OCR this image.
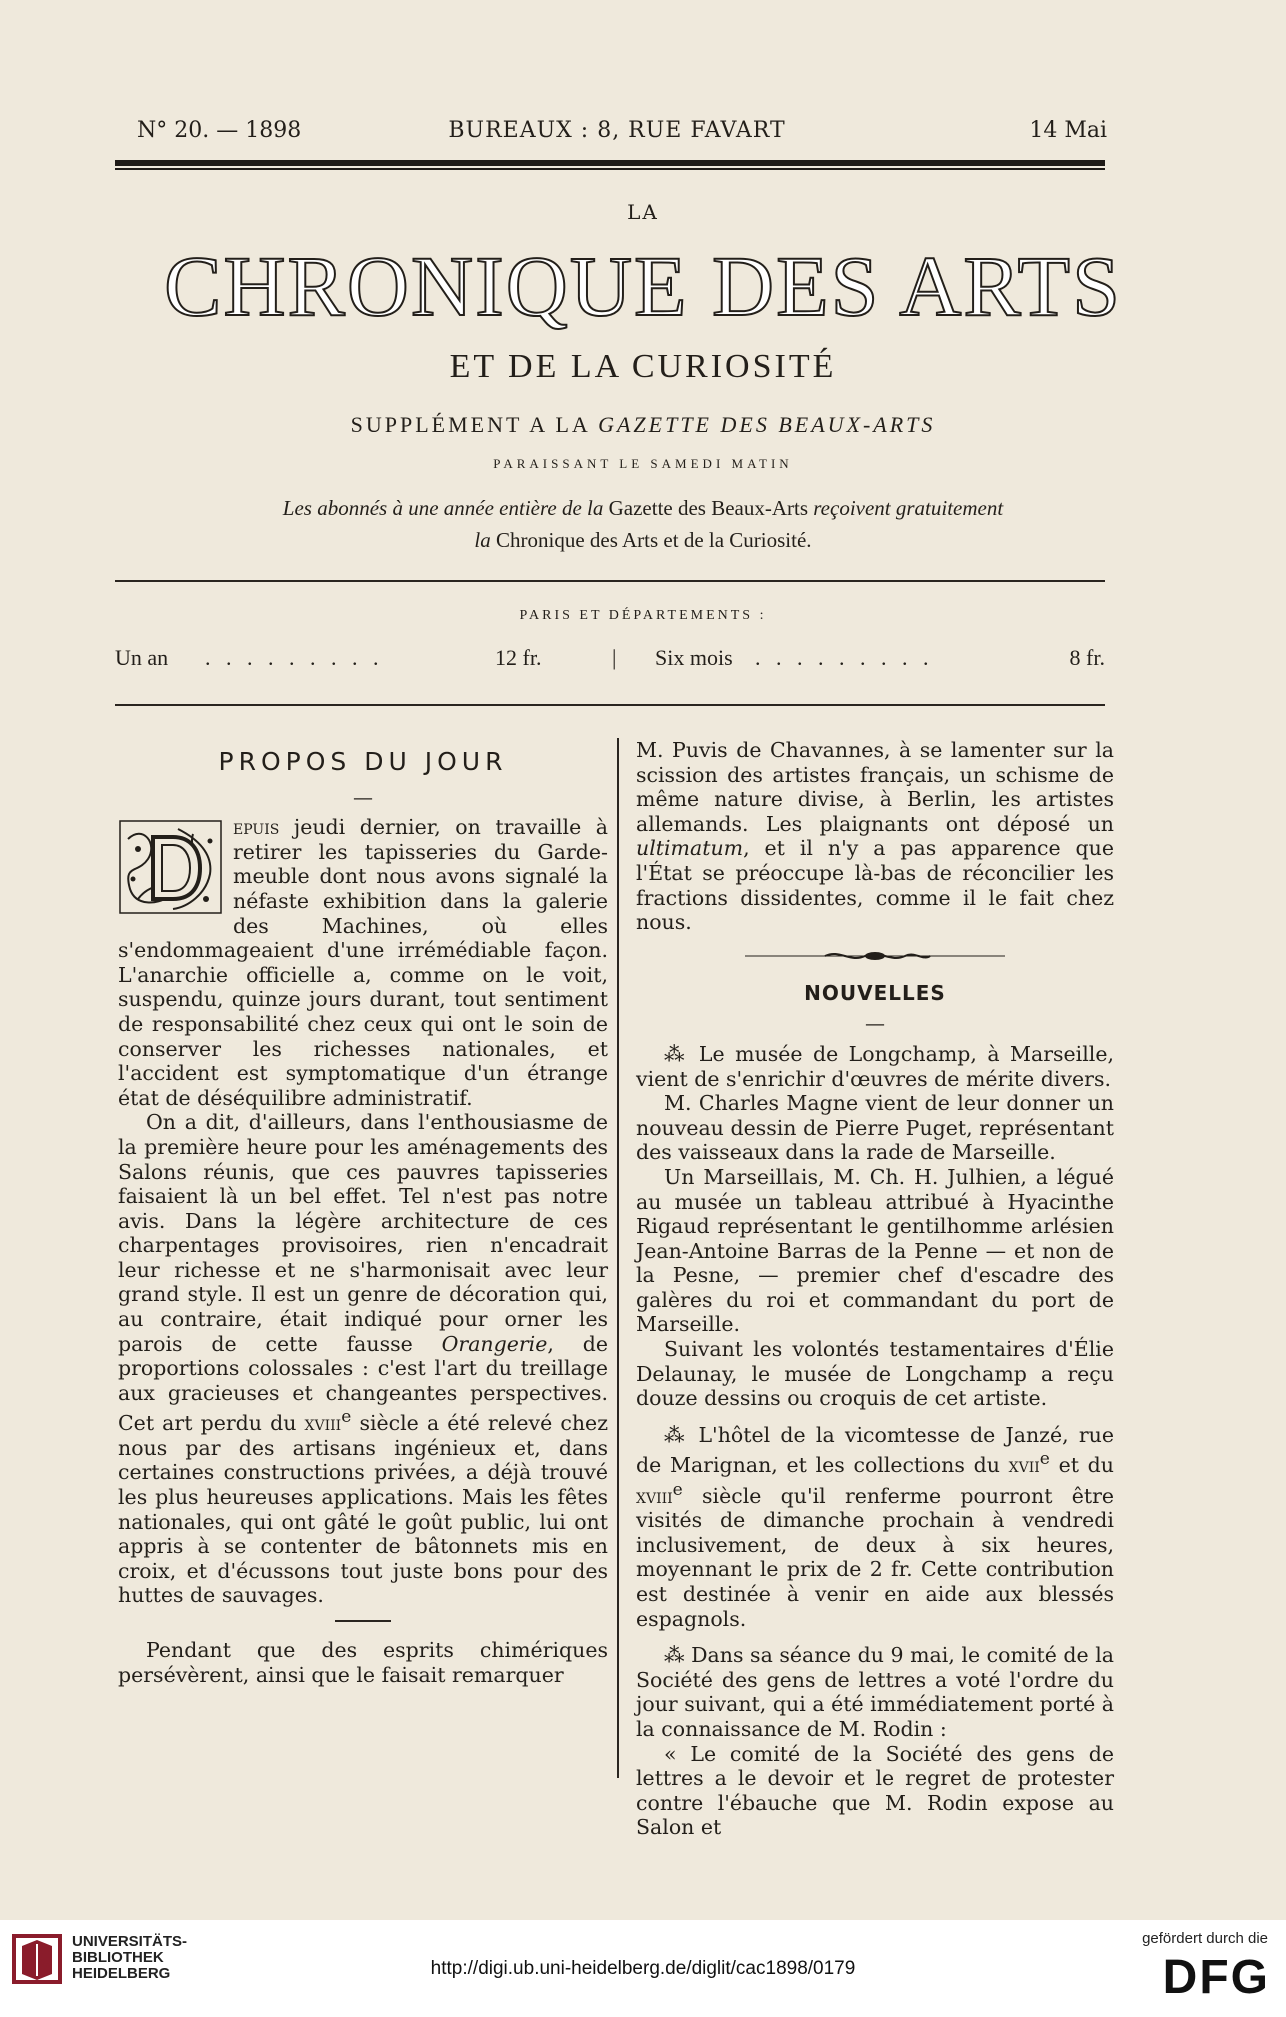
N° 20. — 1898	BUREAUX : 8, RUE FAVART	14 Mai
LA
CHRONIQUE DES ARTS
ET DE LA CURIOSITÉ
SUPPLÉMENT A LA GAZETTE DES BEAUX-ARTS
PARAISSANT LE SAMEDI MATIN
Les abonnés à une année entière de la Gazette des Beaux-Arts reçoivent gratuitement
la Chronique des Arts et de la Curiosité.
PARIS ET DÉPARTEMENTS :
Un an . . . . . . . . .	12 fr.	| Six mois . . . . . . . . .	8 fr.
PROPOS DU JOUR
—

epuis jeudi dernier, on travaille à retirer les tapisseries du Garde-meuble dont nous avons signalé la néfaste exhibition dans la galerie des Machines, où elles s'endommageaient d'une irrémédiable façon. L'anarchie officielle a, comme on le voit, suspendu, quinze jours durant, tout sentiment de responsabilité chez ceux qui ont le soin de conserver les richesses nationales, et l'accident est symptomatique d'un étrange état de déséquilibre administratif.

On a dit, d'ailleurs, dans l'enthousiasme de la première heure pour les aménagements des Salons réunis, que ces pauvres tapisseries faisaient là un bel effet. Tel n'est pas notre avis. Dans la légère architecture de ces charpentages provisoires, rien n'encadrait leur richesse et ne s'harmonisait avec leur grand style. Il est un genre de décoration qui, au contraire, était indiqué pour orner les parois de cette fausse Orangerie, de proportions colossales : c'est l'art du treillage aux gracieuses et changeantes perspectives. Cet art perdu du xviii$^e$ siècle a été relevé chez nous par des artisans ingénieux et, dans certaines constructions privées, a déjà trouvé les plus heureuses applications. Mais les fêtes nationales, qui ont gâté le goût public, lui ont appris à se contenter de bâtonnets mis en croix, et d'écussons tout juste bons pour des huttes de sauvages.

Pendant que des esprits chimériques persévèrent, ainsi que le faisait remarquer

M. Puvis de Chavannes, à se lamenter sur la scission des artistes français, un schisme de même nature divise, à Berlin, les artistes allemands. Les plaignants ont déposé un ultimatum, et il n'y a pas apparence que l'État se préoccupe là-bas de réconcilier les fractions dissidentes, comme il le fait chez nous.

NOUVELLES
—

⁂ Le musée de Longchamp, à Marseille, vient de s'enrichir d'œuvres de mérite divers.

M. Charles Magne vient de leur donner un nouveau dessin de Pierre Puget, représentant des vaisseaux dans la rade de Marseille.

Un Marseillais, M. Ch. H. Julhien, a légué au musée un tableau attribué à Hyacinthe Rigaud représentant le gentilhomme arlésien Jean-Antoine Barras de la Penne — et non de la Pesne, — premier chef d'escadre des galères du roi et commandant du port de Marseille.

Suivant les volontés testamentaires d'Élie Delaunay, le musée de Longchamp a reçu douze dessins ou croquis de cet artiste.

⁂ L'hôtel de la vicomtesse de Janzé, rue de Marignan, et les collections du xvii$^e$ et du xviii$^e$ siècle qu'il renferme pourront être visités de dimanche prochain à vendredi inclusivement, de deux à six heures, moyennant le prix de 2 fr. Cette contribution est destinée à venir en aide aux blessés espagnols.

⁂ Dans sa séance du 9 mai, le comité de la Société des gens de lettres a voté l'ordre du jour suivant, qui a été immédiatement porté à la connaissance de M. Rodin :

« Le comité de la Société des gens de lettres a le devoir et le regret de protester contre l'ébauche que M. Rodin expose au Salon et

UNIVERSITÄTS-
BIBLIOTHEK
HEIDELBERG	http://digi.ub.uni-heidelberg.de/diglit/cac1898/0179
gefördert durch die
DFG
